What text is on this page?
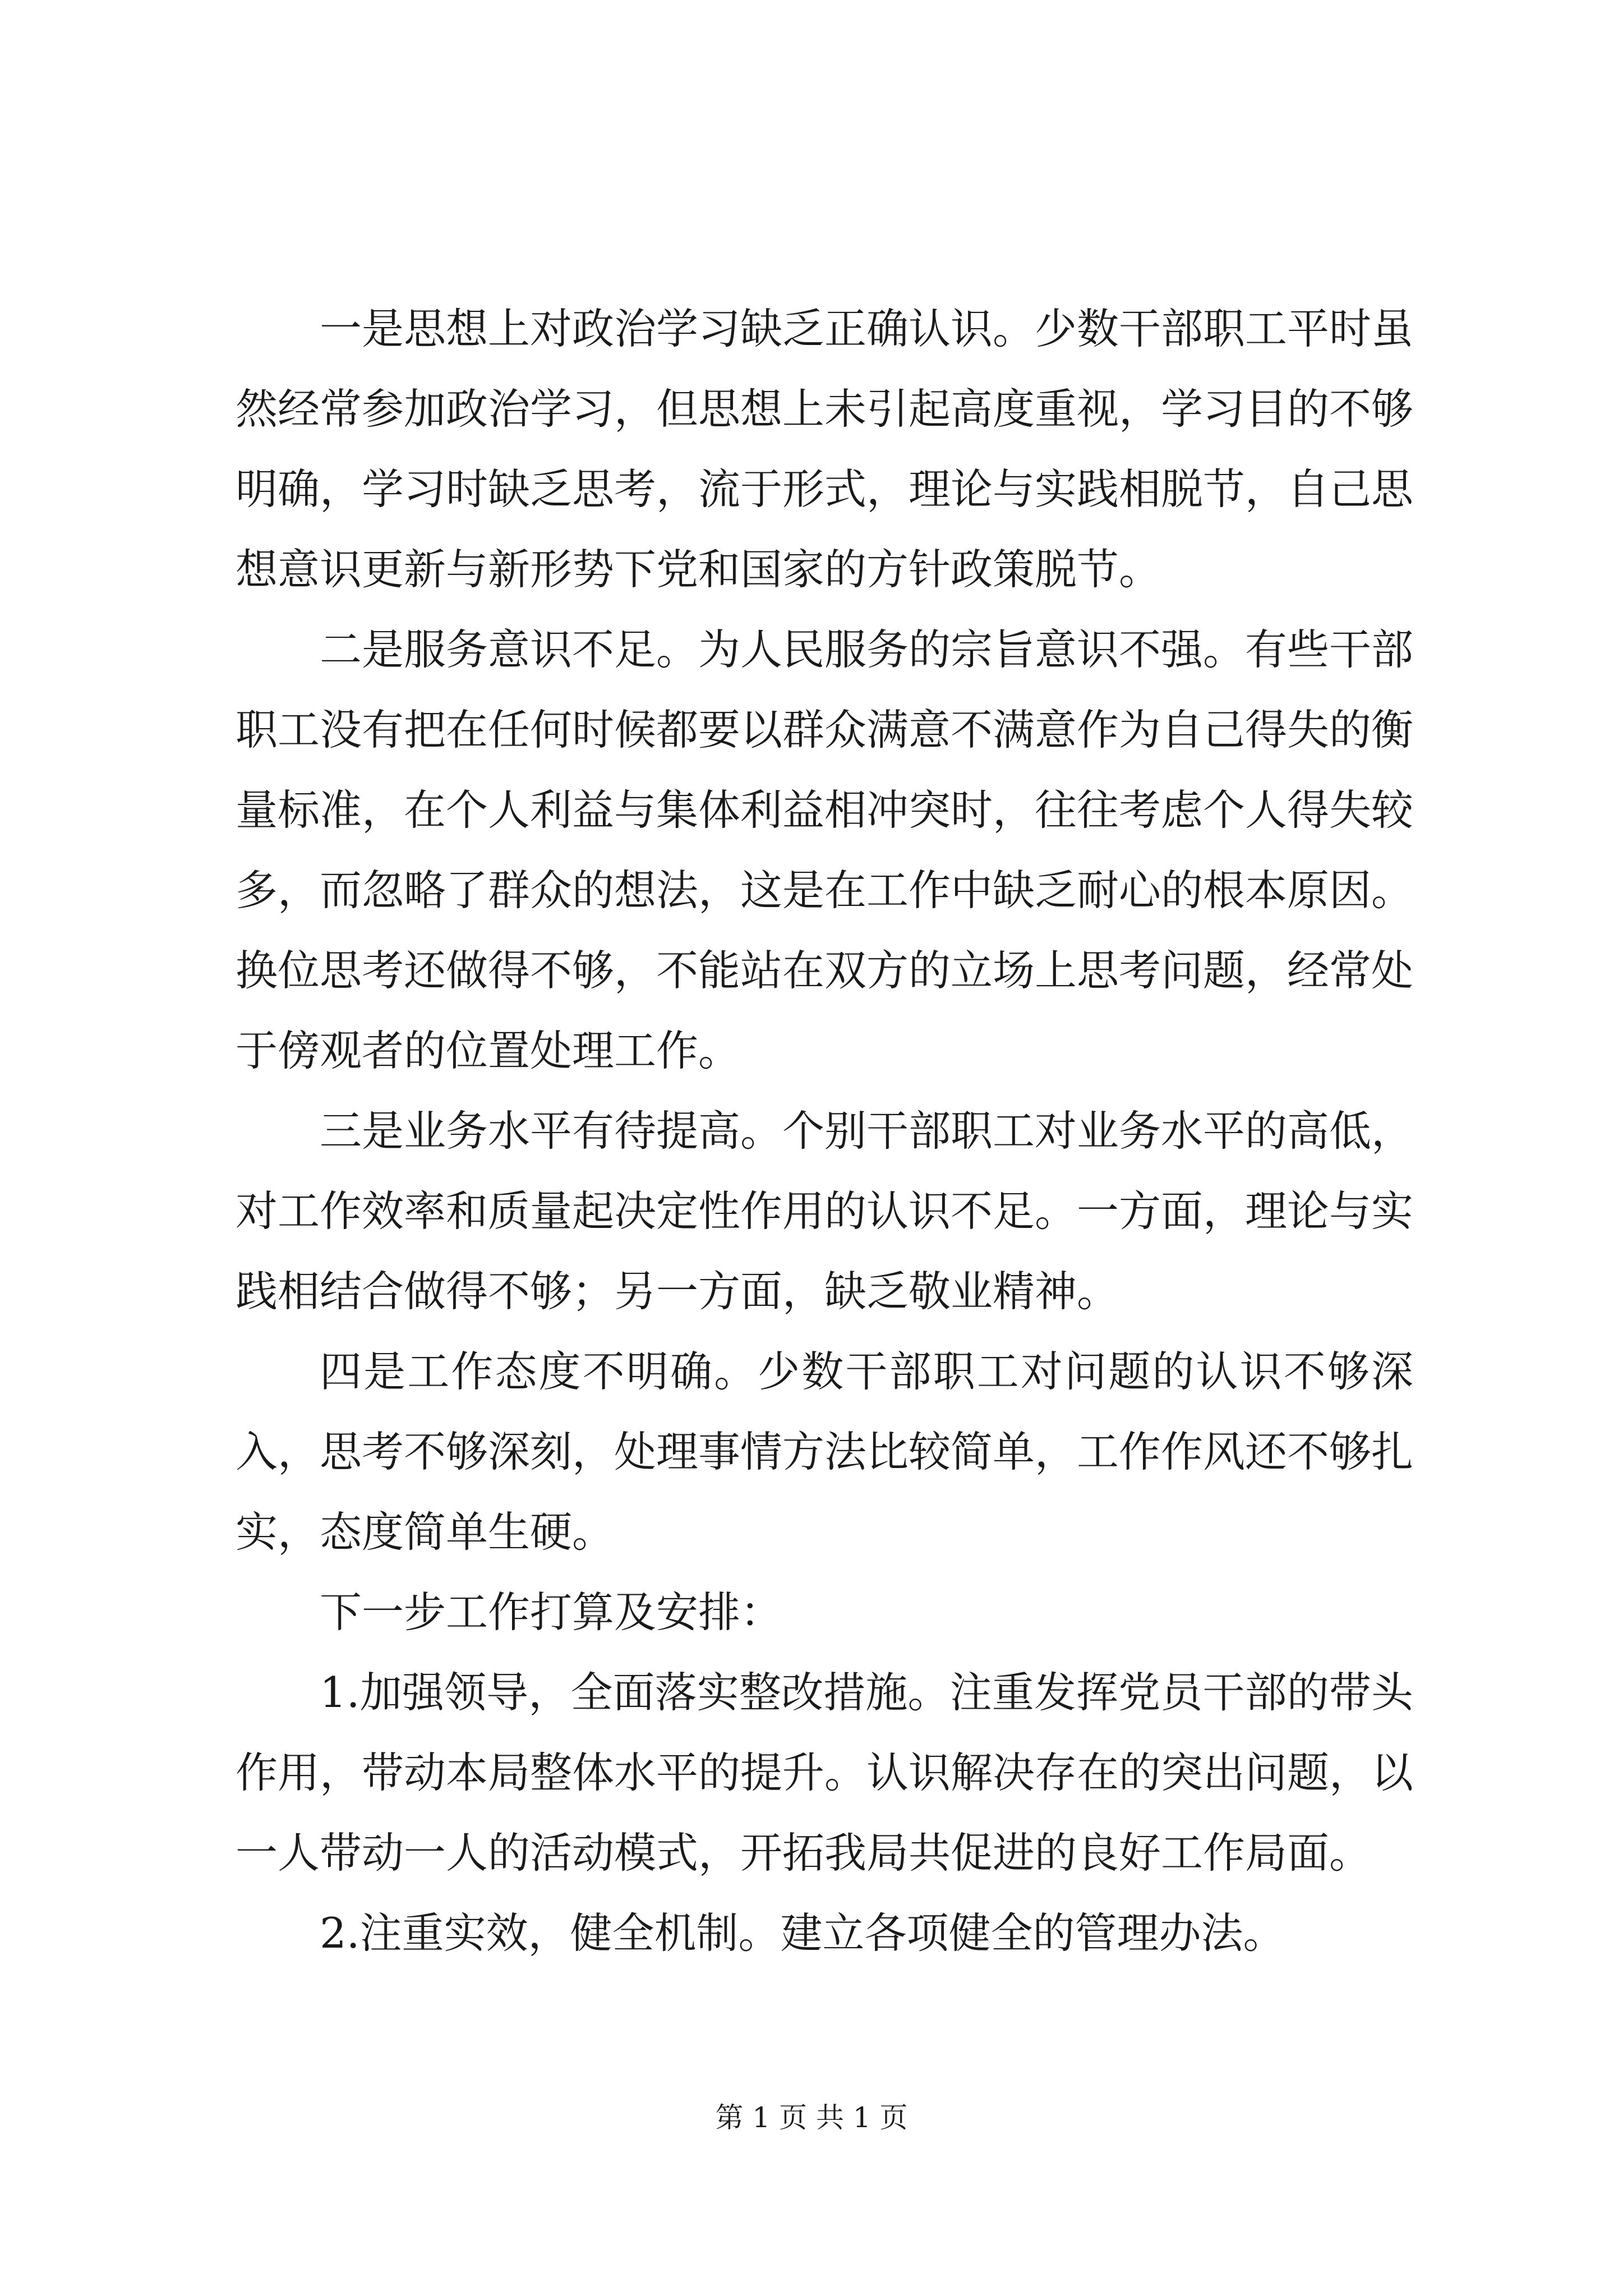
一是思想上对政治学习缺乏正确认识。少数干部职工平时虽然经常参加政治学习，但思想上未引起高度重视，学习目的不够明确，学习时缺乏思考，流于形式，理论与实践相脱节，自己思想意识更新与新形势下党和国家的方针政策脱节。

二是服务意识不足。为人民服务的宗旨意识不强。有些干部职工没有把在任何时候都要以群众满意不满意作为自己得失的衡量标准，在个人利益与集体利益相冲突时，往往考虑个人得失较多，而忽略了群众的想法，这是在工作中缺乏耐心的根本原因。换位思考还做得不够，不能站在双方的立场上思考问题，经常处于傍观者的位置处理工作。

三是业务水平有待提高。个别干部职工对业务水平的高低，对工作效率和质量起决定性作用的认识不足。一方面，理论与实践相结合做得不够；另一方面，缺乏敬业精神。

四是工作态度不明确。少数干部职工对问题的认识不够深入，思考不够深刻，处理事情方法比较简单，工作作风还不够扎实，态度简单生硬。

下一步工作打算及安排：

1.加强领导，全面落实整改措施。注重发挥党员干部的带头作用，带动本局整体水平的提升。认识解决存在的突出问题，以一人带动一人的活动模式，开拓我局共促进的良好工作局面。

2.注重实效，健全机制。建立各项健全的管理办法。

第 1 页 共 1 页
